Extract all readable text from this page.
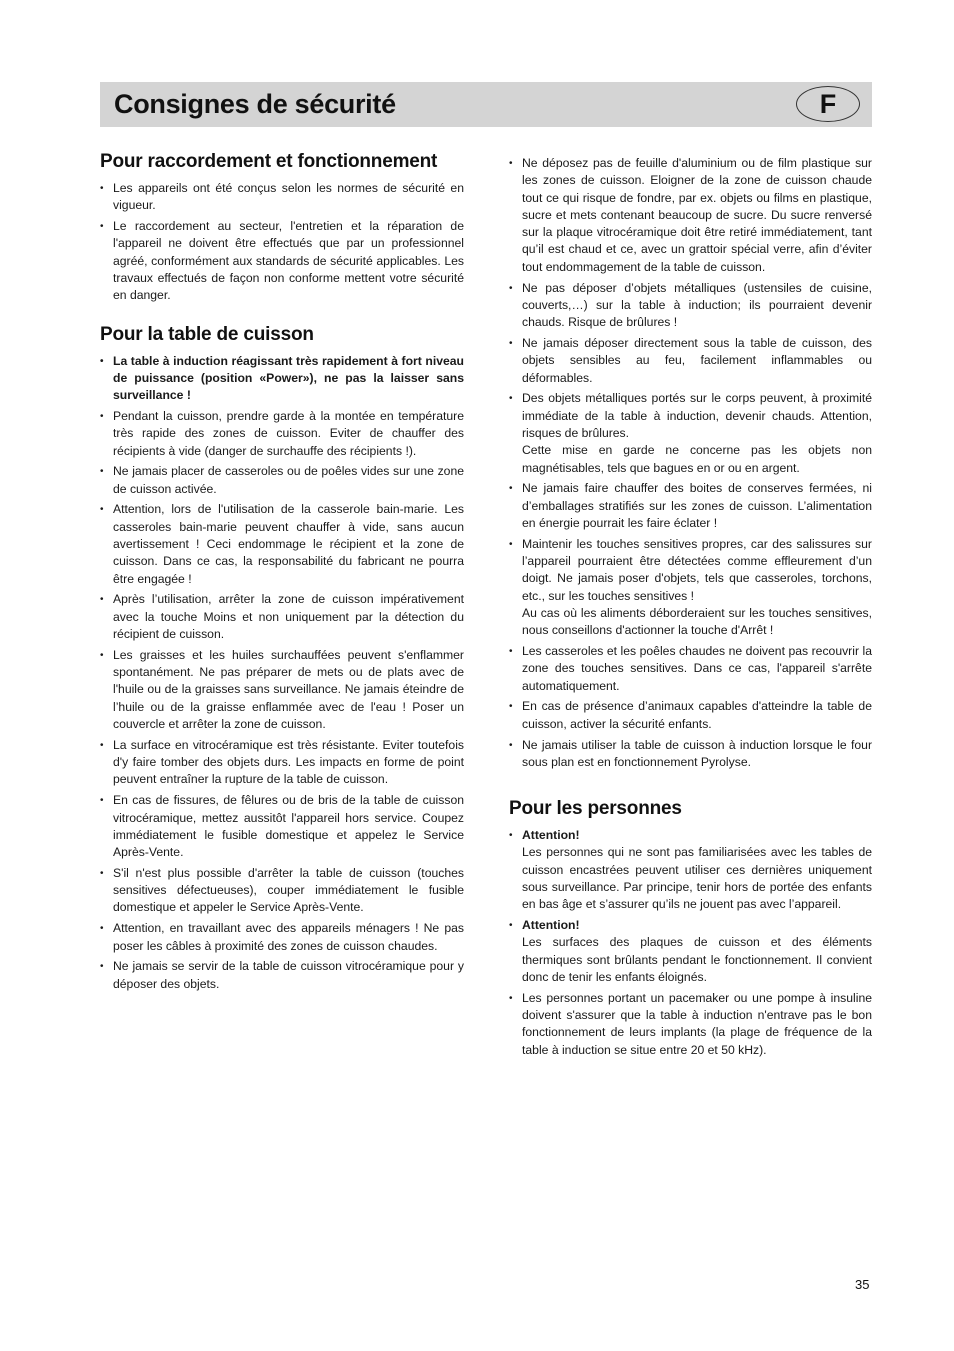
Consignes de sécurité	F
Pour raccordement et fonctionnement
• Les appareils ont été conçus selon les normes de sécurité en vigueur.
• Le raccordement au secteur, l'entretien et la réparation de l'appareil ne doivent être effectués que par un professionnel agréé, conformément aux standards de sécurité applicables. Les travaux effectués de façon non conforme mettent votre sécurité en danger.
Pour la table de cuisson
• La table à induction réagissant très rapidement à fort niveau de puissance (position «Power»), ne pas la laisser sans surveillance !
• Pendant la cuisson, prendre garde à la montée en température très rapide des zones de cuisson. Eviter de chauffer des récipients à vide (danger de surchauffe des récipients !).
• Ne jamais placer de casseroles ou de poêles vides sur une zone de cuisson activée.
• Attention, lors de l'utilisation de la casserole bain-marie. Les casseroles bain-marie peuvent chauffer à vide, sans aucun avertissement ! Ceci endommage le récipient et la zone de cuisson. Dans ce cas, la responsabilité du fabricant ne pourra être engagée !
• Après l’utilisation, arrêter la zone de cuisson impérativement avec la touche Moins et non uniquement par la détection du récipient de cuisson.
• Les graisses et les huiles surchauffées peuvent s'enflammer spontanément. Ne pas préparer de mets ou de plats avec de l'huile ou de la graisses sans surveillance. Ne jamais éteindre de l’huile ou de la graisse enflammée avec de l'eau ! Poser un couvercle et arrêter la zone de cuisson.
• La surface en vitrocéramique est très résistante. Eviter toutefois d'y faire tomber des objets durs. Les impacts en forme de point peuvent entraîner la rupture de la table de cuisson.
• En cas de fissures, de fêlures ou de bris de la table de cuisson vitrocéramique, mettez aussitôt l'appareil hors service. Coupez immédiatement le fusible domestique et appelez le Service Après-Vente.
• S'il n'est plus possible d'arrêter la table de cuisson (touches sensitives défectueuses), couper immédiatement le fusible domestique et appeler le Service Après-Vente.
• Attention, en travaillant avec des appareils ménagers ! Ne pas poser les câbles à proximité des zones de cuisson chaudes.
• Ne jamais se servir de la table de cuisson vitrocéramique pour y déposer des objets.
• Ne déposez pas de feuille d'aluminium ou de film plastique sur les zones de cuisson. Eloigner de la zone de cuisson chaude tout ce qui risque de fondre, par ex. objets ou films en plastique, sucre et mets contenant beaucoup de sucre. Du sucre renversé sur la plaque vitrocéramique doit être retiré immédiatement, tant qu’il est chaud et ce, avec un grattoir spécial verre, afin d’éviter tout endommagement de la table de cuisson.
• Ne pas déposer d’objets métalliques (ustensiles de cuisine, couverts,…) sur la table à induction; ils pourraient devenir chauds. Risque de brûlures !
• Ne jamais déposer directement sous la table de cuisson, des objets sensibles au feu, facilement inflammables ou déformables.
• Des objets métalliques portés sur le corps peuvent, à proximité immédiate de la table à induction, devenir chauds. Attention, risques de brûlures.
Cette mise en garde ne concerne pas les objets non magnétisables, tels que bagues en or ou en argent.
• Ne jamais faire chauffer des boites de conserves fermées, ni d’emballages stratifiés sur les zones de cuisson. L’alimentation en énergie pourrait les faire éclater !
• Maintenir les touches sensitives propres, car des salissures sur l’appareil pourraient être détectées comme effleurement d’un doigt. Ne jamais poser d'objets, tels que casseroles, torchons, etc., sur les touches sensitives !
Au cas où les aliments déborderaient sur les touches sensitives, nous conseillons d'actionner la touche d'Arrêt !
• Les casseroles et les poêles chaudes ne doivent pas recouvrir la zone des touches sensitives. Dans ce cas, l'appareil s'arrête automatiquement.
• En cas de présence d’animaux capables d'atteindre la table de cuisson, activer la sécurité enfants.
• Ne jamais utiliser la table de cuisson à induction lorsque le four sous plan est en fonctionnement Pyrolyse.
Pour les personnes
• Attention!
Les personnes qui ne sont pas familiarisées avec les tables de cuisson encastrées peuvent utiliser ces dernières uniquement sous surveillance. Par principe, tenir hors de portée des enfants en bas âge et s’assurer qu’ils ne jouent pas avec l’appareil.
• Attention!
Les surfaces des plaques de cuisson et des éléments thermiques sont brûlants pendant le fonctionnement. Il convient donc de tenir les enfants éloignés.
• Les personnes portant un pacemaker ou une pompe à insuline doivent s'assurer que la table à induction n'entrave pas le bon fonctionnement de leurs implants (la plage de fréquence de la table à induction se situe entre 20 et 50 kHz).
35
